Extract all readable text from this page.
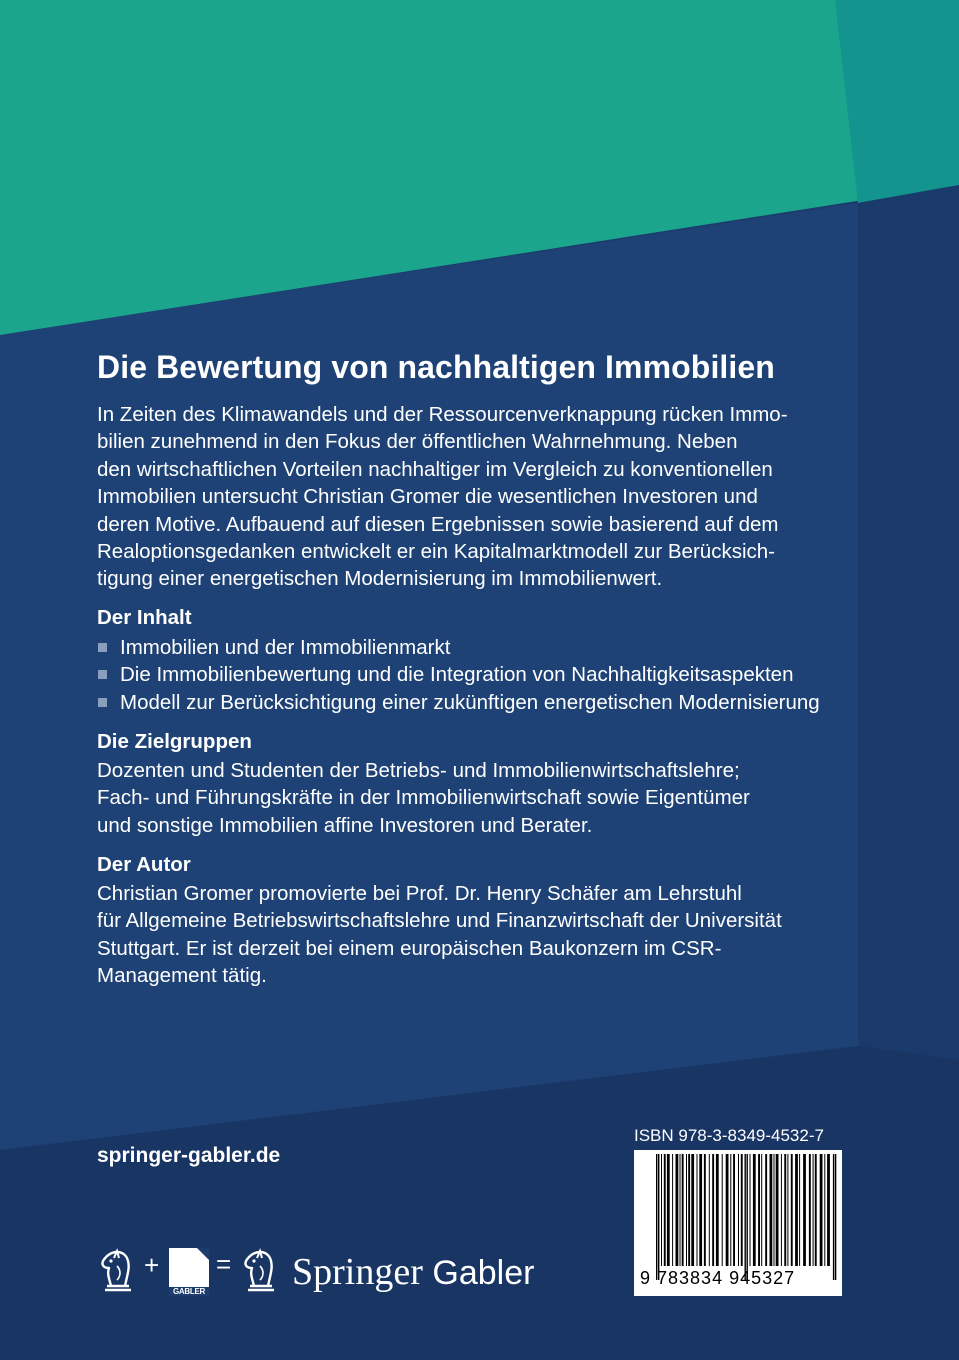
Die Bewertung von nachhaltigen Immobilien
In Zeiten des Klimawandels und der Ressourcenverknappung rücken Immo-
bilien zunehmend in den Fokus der öffentlichen Wahrnehmung. Neben
den wirtschaftlichen Vorteilen nachhaltiger im Vergleich zu konventionellen
Immobilien untersucht Christian Gromer die wesentlichen Investoren und
deren Motive. Aufbauend auf diesen Ergebnissen sowie basierend auf dem
Realoptionsgedanken entwickelt er ein Kapitalmarktmodell zur Berücksich-
tigung einer energetischen Modernisierung im Immobilienwert.
Der Inhalt
Immobilien und der Immobilienmarkt
Die Immobilienbewertung und die Integration von Nachhaltigkeitsaspekten
Modell zur Berücksichtigung einer zukünftigen energetischen Modernisierung
Die Zielgruppen
Dozenten und Studenten der Betriebs- und Immobilienwirtschaftslehre;
Fach- und Führungskräfte in der Immobilienwirtschaft sowie Eigentümer
und sonstige Immobilien affine Investoren und Berater.
Der Autor
Christian Gromer promovierte bei Prof. Dr. Henry Schäfer am Lehrstuhl
für Allgemeine Betriebswirtschaftslehre und Finanzwirtschaft der Universität
Stuttgart. Er ist derzeit bei einem europäischen Baukonzern im CSR-
Management tätig.
springer-gabler.de
ISBN 978-3-8349-4532-7
9 783834 945327
+
GABLER
= Springer Gabler
